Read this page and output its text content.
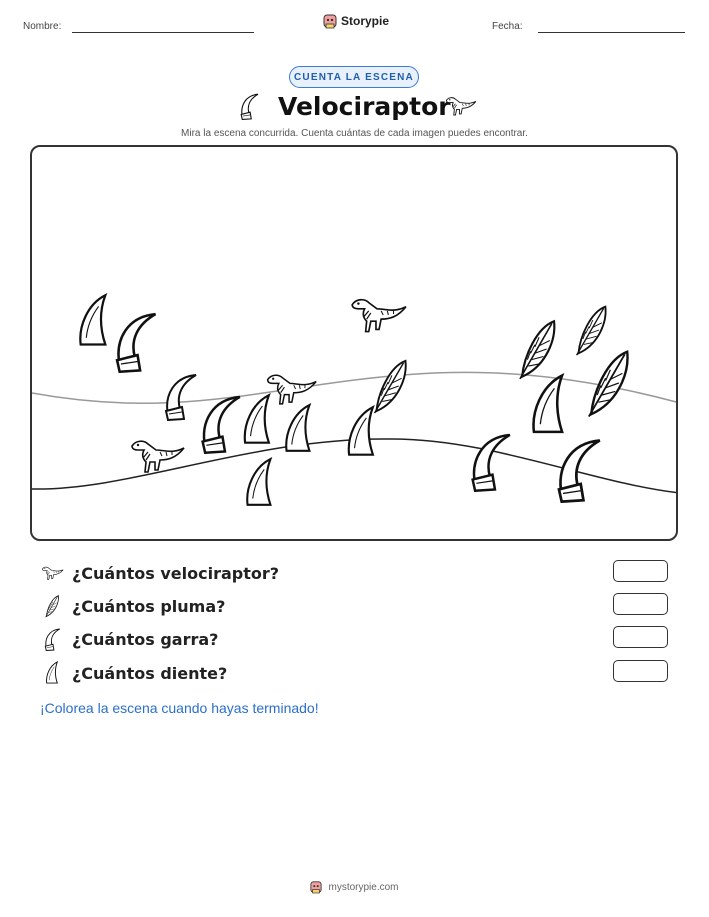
Nombre:	Storypie	Fecha:
CUENTA LA ESCENA
Velociraptor
Mira la escena concurrida. Cuenta cuántas de cada imagen puedes encontrar.
¿Cuántos velociraptor?
¿Cuántos pluma?
¿Cuántos garra?
¿Cuántos diente?
¡Colorea la escena cuando hayas terminado!
mystorypie.com
